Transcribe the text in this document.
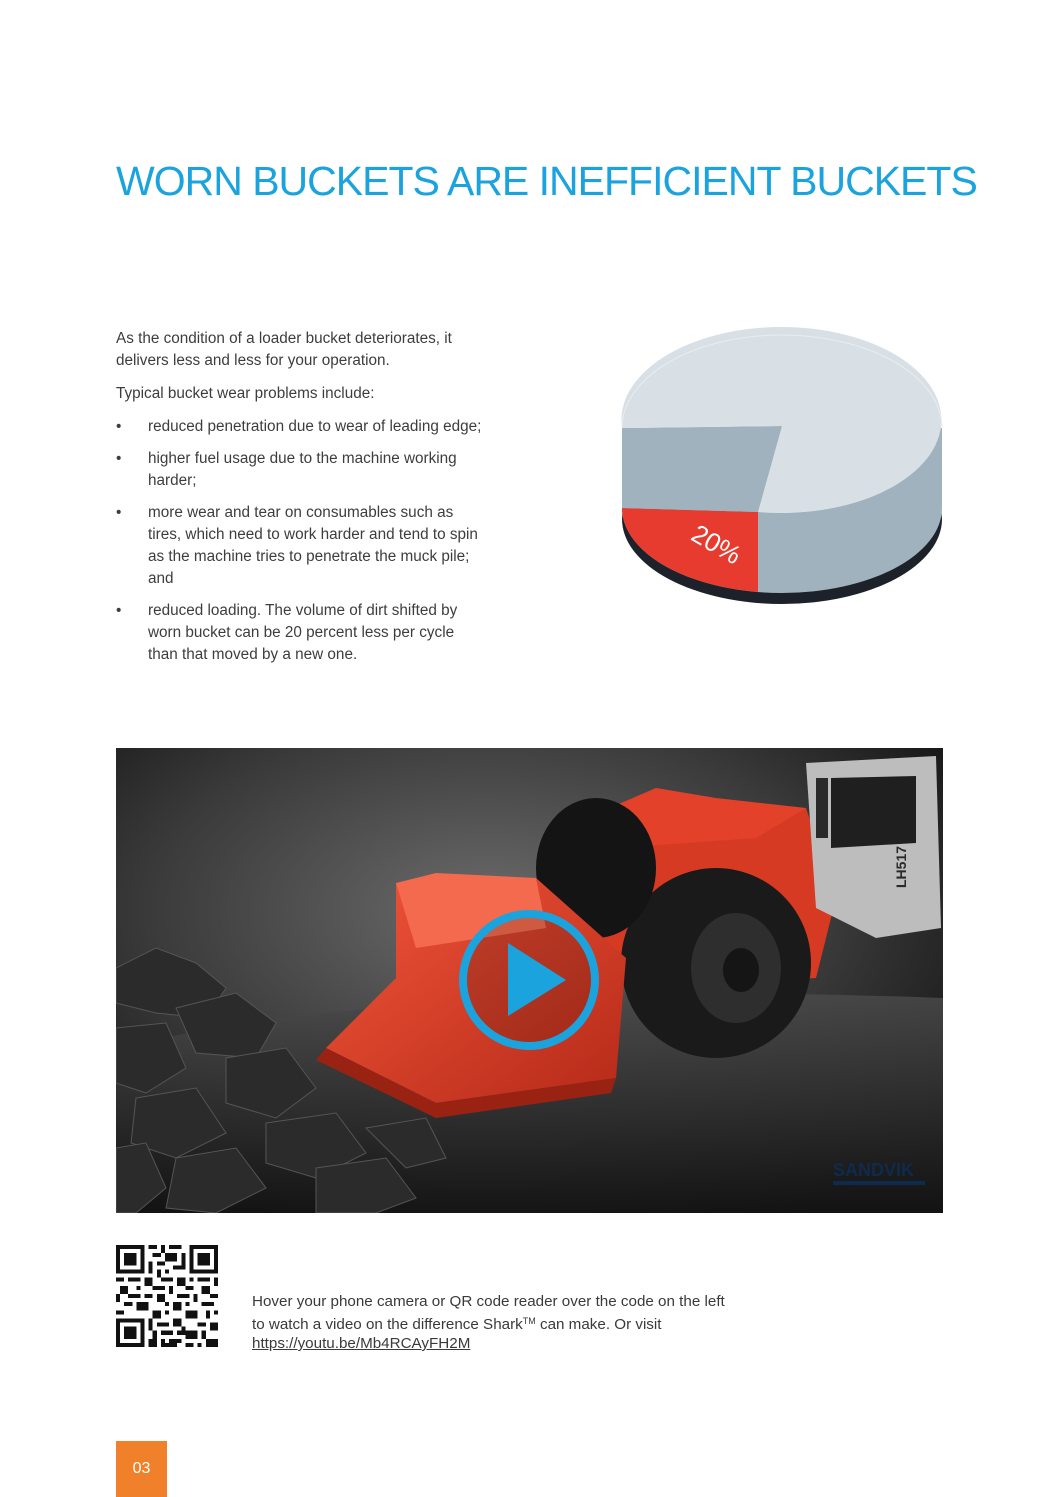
WORN BUCKETS ARE INEFFICIENT BUCKETS

As the condition of a loader bucket deteriorates, it delivers less and less for your operation.

Typical bucket wear problems include:

• reduced penetration due to wear of leading edge;
• higher fuel usage due to the machine working harder;
• more wear and tear on consumables such as tires, which need to work harder and tend to spin as the machine tries to penetrate the muck pile; and
• reduced loading. The volume of dirt shifted by worn bucket can be 20 percent less per cycle than that moved by a new one.
20%
LH517
SANDVIK
Hover your phone camera or QR code reader over the code on the left
to watch a video on the difference Shark™ can make. Or visit
https://youtu.be/Mb4RCAyFH2M
03
